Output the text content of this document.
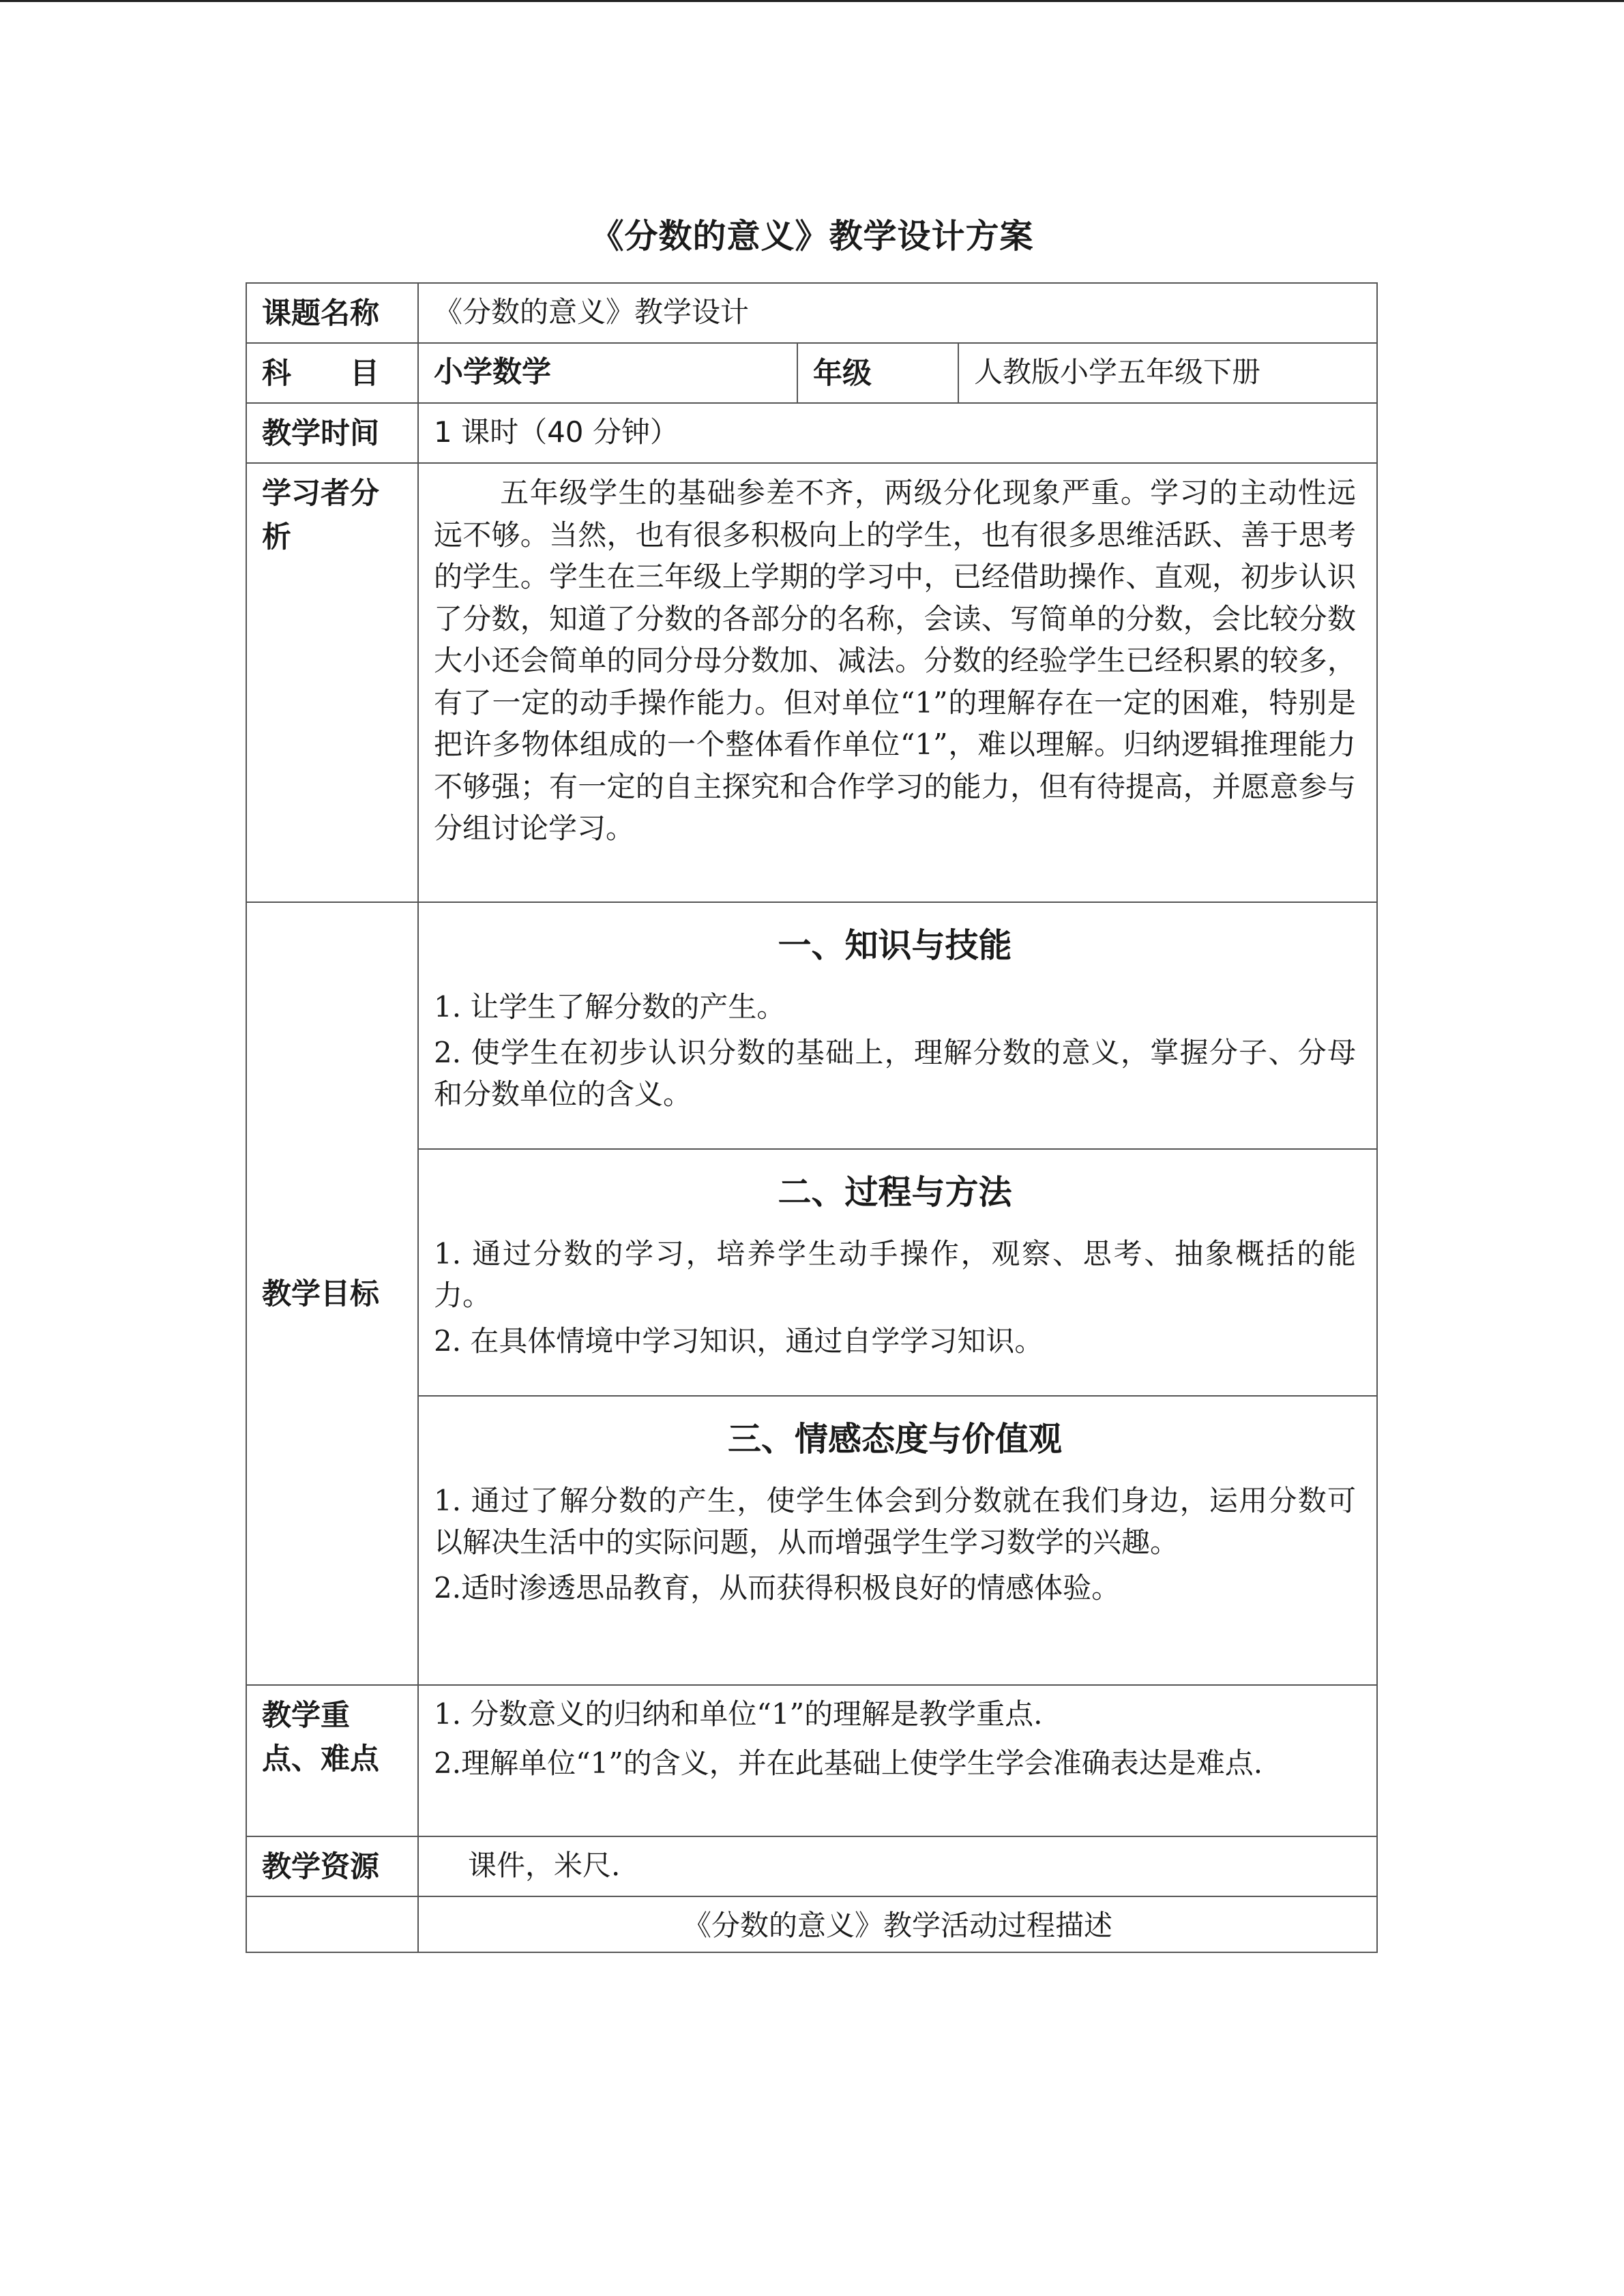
《分数的意义》教学设计方案
课题名称	《分数的意义》教学设计		
科　　目	小学数学	年级	人教版小学五年级下册
教学时间	1 课时（40 分钟）		
学习者分析	五年级学生的基础参差不齐，两级分化现象严重。学习的主动性远远不够。当然，也有很多积极向上的学生，也有很多思维活跃、善于思考的学生。学生在三年级上学期的学习中，已经借助操作、直观，初步认识了分数，知道了分数的各部分的名称，会读、写简单的分数，会比较分数大小还会简单的同分母分数加、减法。分数的经验学生已经积累的较多，有了一定的动手操作能力。但对单位“1”的理解存在一定的困难，特别是把许多物体组成的一个整体看作单位“1”，难以理解。归纳逻辑推理能力不够强；有一定的自主探究和合作学习的能力，但有待提高，并愿意参与分组讨论学习。		
教学目标	一、知识与技能
1. 让学生了解分数的产生。
2. 使学生在初步认识分数的基础上，理解分数的意义，掌握分子、分母和分数单位的含义。		

	二、过程与方法
1. 通过分数的学习，培养学生动手操作，观察、思考、抽象概括的能力。
2. 在具体情境中学习知识，通过自学学习知识。		

	三、情感态度与价值观
1. 通过了解分数的产生，使学生体会到分数就在我们身边，运用分数可以解决生活中的实际问题，从而增强学生学习数学的兴趣。
2.适时渗透思品教育，从而获得积极良好的情感体验。		

教学重点、难点	1. 分数意义的归纳和单位“1”的理解是教学重点.

2.理解单位“1”的含义，并在此基础上使学生学会准确表达是难点.		

教学资源	课件，米尺.		
	《分数的意义》教学活动过程描述		
